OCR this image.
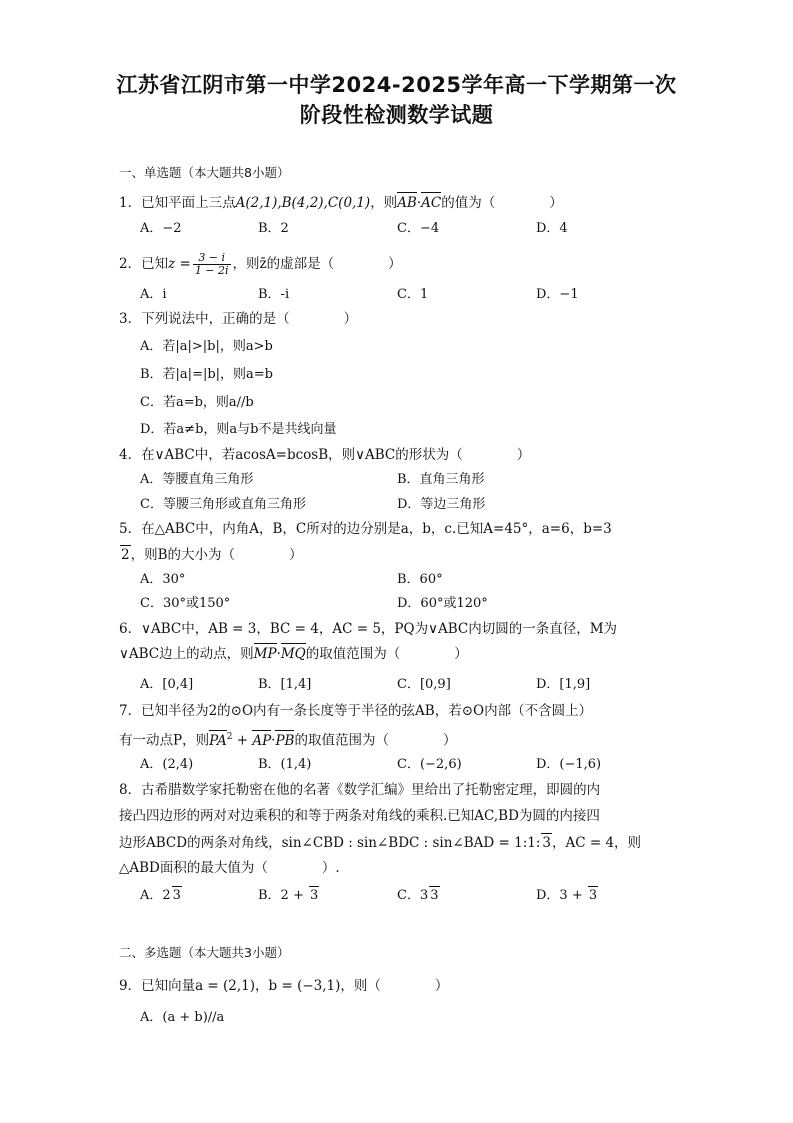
江苏省江阴市第一中学2024-2025学年高一下学期第一次
阶段性检测数学试题
一、单选题（本大题共8小题）
1．已知平面上三点A(2,1),B(4,2),C(0,1)，则AB·AC的值为（　　　　）
A．−2	B．2	C．−4	D．4
2．已知$z = \frac{3 - i}{1 - 2i}$ ，则z̄的虚部是（　　　　）
A．i	B．-i	C．1	D．−1
3．下列说法中，正确的是（　　　　）
A．若|a|>|b|，则a>b
B．若|a|=|b|，则a=b
C．若a=b，则a//b
D．若a≠b，则a与b不是共线向量
4．在∨ABC中，若acosA=bcosB，则∨ABC的形状为（　　　　）
A．等腰直角三角形	B．直角三角形
C．等腰三角形或直角三角形	D．等边三角形
5．在△ABC中，内角A，B，C所对的边分别是a，b，c.已知A=45°，a=6，b=3
2，则B的大小为（　　　　）
A．30°	B．60°
C．30°或150°	D．60°或120°
6．∨ABC中，AB = 3，BC = 4，AC = 5，PQ为∨ABC内切圆的一条直径，M为
∨ABC边上的动点，则MP·MQ的取值范围为（　　　　）
A．[0,4]	B．[1,4]	C．[0,9]	D．[1,9]
7．已知半径为2的⊙O内有一条长度等于半径的弦AB，若⊙O内部（不含圆上）
有一动点P，则$PA^2 + AP\cdot PB$的取值范围为（　　　　）
A．(2,4)	B．(1,4)	C．(−2,6)	D．(−1,6)
8．古希腊数学家托勒密在他的名著《数学汇编》里给出了托勒密定理，即圆的内
接凸四边形的两对对边乘积的和等于两条对角线的乘积.已知AC,BD为圆的内接四
边形ABCD的两条对角线，sin∠CBD : sin∠BDC : sin∠BAD = 1:1: 3，AC = 4，则
△ABD面积的最大值为（　　　　）.
A．2 3	B．2 + 3	C．3 3	D．3 + 3
二、多选题（本大题共3小题）
9．已知向量a = (2,1)，b = (−3,1)，则（　　　　）
A．(a + b)//a
